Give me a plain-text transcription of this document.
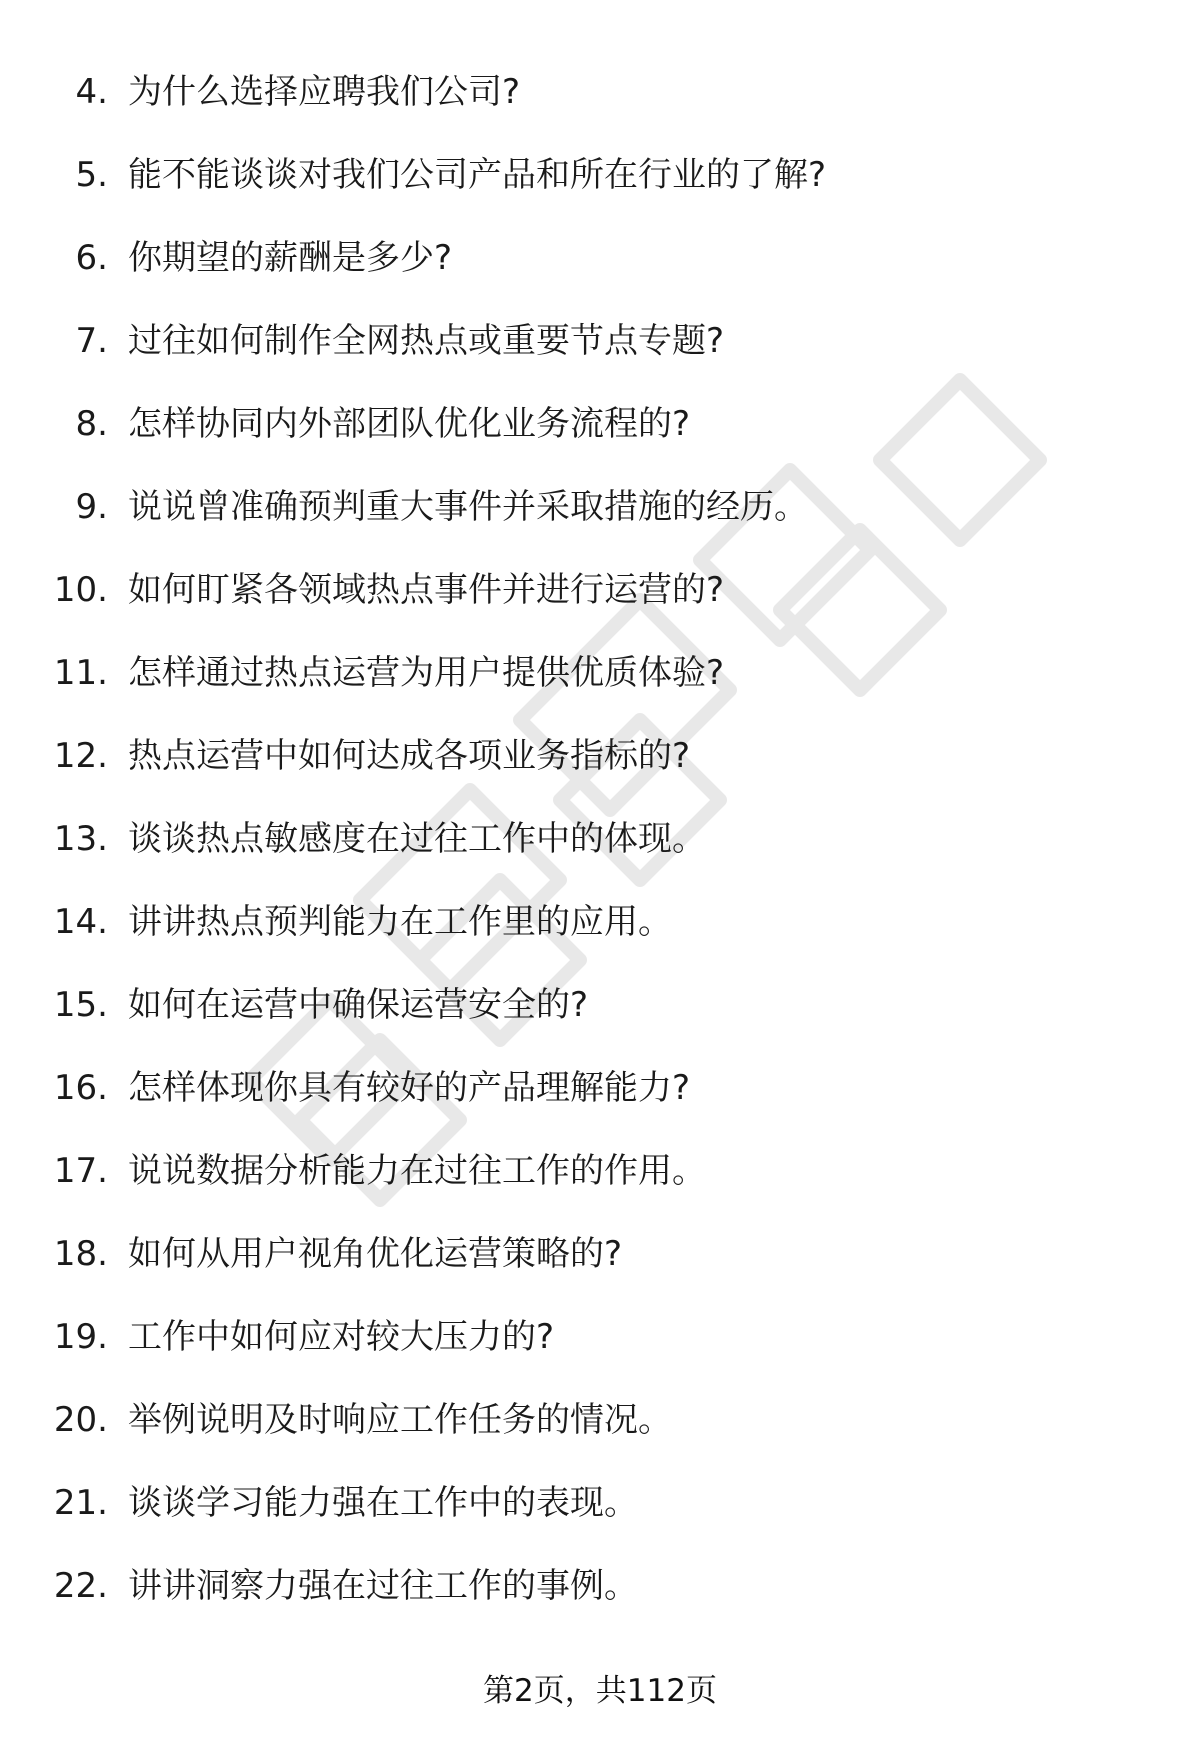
4. 为什么选择应聘我们公司?
5. 能不能谈谈对我们公司产品和所在行业的了解?
6. 你期望的薪酬是多少?
7. 过往如何制作全网热点或重要节点专题?
8. 怎样协同内外部团队优化业务流程的?
9. 说说曾准确预判重大事件并采取措施的经历。
10. 如何盯紧各领域热点事件并进行运营的?
11. 怎样通过热点运营为用户提供优质体验?
12. 热点运营中如何达成各项业务指标的?
13. 谈谈热点敏感度在过往工作中的体现。
14. 讲讲热点预判能力在工作里的应用。
15. 如何在运营中确保运营安全的?
16. 怎样体现你具有较好的产品理解能力?
17. 说说数据分析能力在过往工作的作用。
18. 如何从用户视角优化运营策略的?
19. 工作中如何应对较大压力的?
20. 举例说明及时响应工作任务的情况。
21. 谈谈学习能力强在工作中的表现。
22. 讲讲洞察力强在过往工作的事例。
第2页，共112页
